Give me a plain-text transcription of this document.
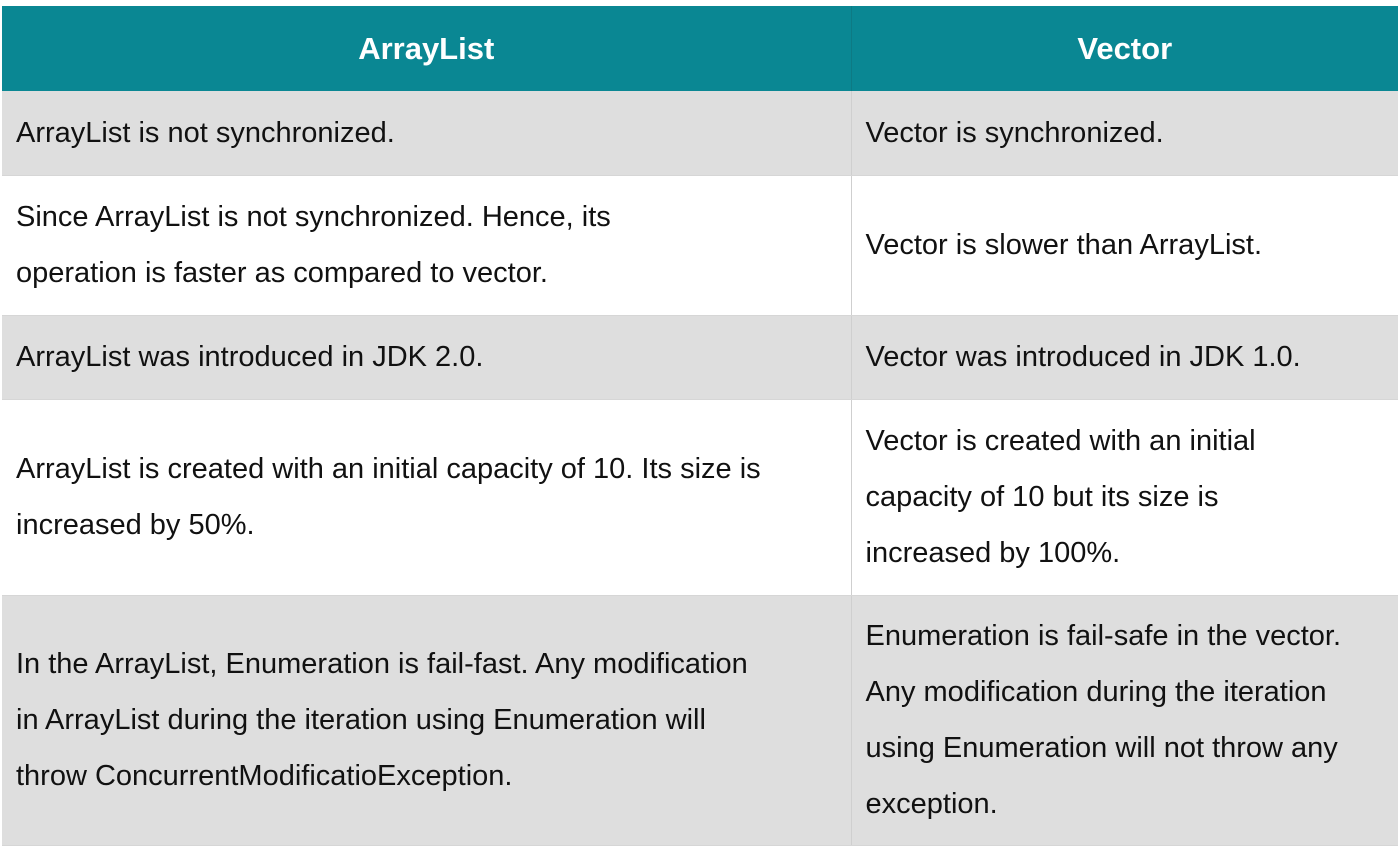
ArrayList	Vector
ArrayList is not synchronized.	Vector is synchronized.
Since ArrayList is not synchronized. Hence, its operation is faster as compared to vector.	Vector is slower than ArrayList.
ArrayList was introduced in JDK 2.0.	Vector was introduced in JDK 1.0.
ArrayList is created with an initial capacity of 10. Its size is increased by 50%.	Vector is created with an initial capacity of 10 but its size is increased by 100%.
In the ArrayList, Enumeration is fail-fast. Any modification in ArrayList during the iteration using Enumeration will throw ConcurrentModificatioException.	Enumeration is fail-safe in the vector. Any modification during the iteration using Enumeration will not throw any exception.
